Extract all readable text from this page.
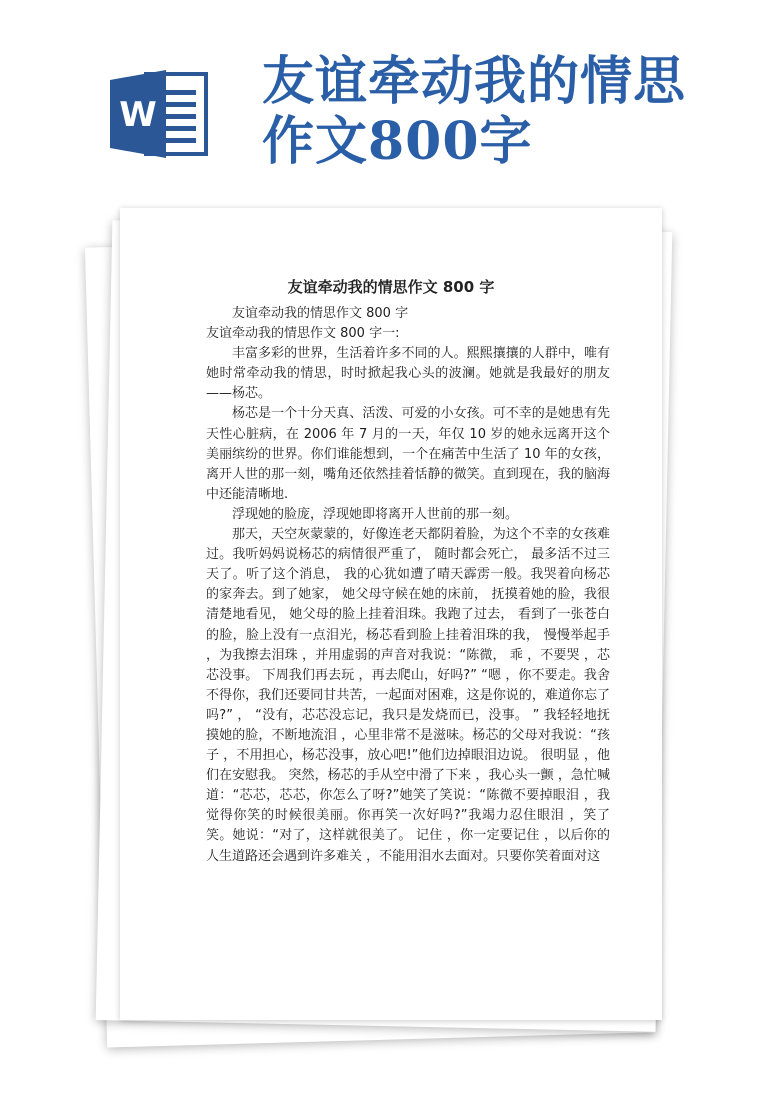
W
友谊牵动我的情思
作文800字
友谊牵动我的情思作文 800 字

友谊牵动我的情思作文 800 字

友谊牵动我的情思作文 800 字一:

丰富多彩的世界，生活着许多不同的人。熙熙攘攘的人群中，唯有她时常牵动我的情思，时时掀起我心头的波澜。她就是我最好的朋友——杨芯。

杨芯是一个十分天真、活泼、可爱的小女孩。可不幸的是她患有先天性心脏病，在 2006 年 7 月的一天，年仅 10 岁的她永远离开这个美丽缤纷的世界。你们谁能想到，一个在痛苦中生活了 10 年的女孩，离开人世的那一刻，嘴角还依然挂着恬静的微笑。直到现在，我的脑海中还能清晰地.

浮现她的脸庞，浮现她即将离开人世前的那一刻。

那天，天空灰蒙蒙的，好像连老天都阴着脸，为这个不幸的女孩难过。我听妈妈说杨芯的病情很严重了， 随时都会死亡， 最多活不过三天了。听了这个消息， 我的心犹如遭了晴天霹雳一般。我哭着向杨芯的家奔去。到了她家， 她父母守候在她的床前， 抚摸着她的脸，我很清楚地看见， 她父母的脸上挂着泪珠。我跑了过去， 看到了一张苍白的脸，脸上没有一点泪光，杨芯看到脸上挂着泪珠的我， 慢慢举起手 ，为我擦去泪珠 ，并用虚弱的声音对我说：“陈微， 乖 ，不要哭 ，芯芯没事。 下周我们再去玩 ，再去爬山，好吗?” “嗯 ，你不要走。我舍不得你，我们还要同甘共苦，一起面对困难，这是你说的，难道你忘了吗?” ， “没有，芯芯没忘记，我只是发烧而已，没事。 ” 我轻轻地抚摸她的脸，不断地流泪 ，心里非常不是滋味。杨芯的父母对我说：“孩子 ，不用担心，杨芯没事，放心吧!”他们边掉眼泪边说。 很明显 ，他们在安慰我。 突然，杨芯的手从空中滑了下来 ，我心头一颤 ，急忙喊道：“芯芯，芯芯，你怎么了呀?”她笑了笑说：“陈微不要掉眼泪 ，我觉得你笑的时候很美丽。你再笑一次好吗?”我竭力忍住眼泪 ，笑了笑。她说：“对了，这样就很美了。 记住 ，你一定要记住 ，以后你的人生道路还会遇到许多难关 ，不能用泪水去面对。只要你笑着面对这
